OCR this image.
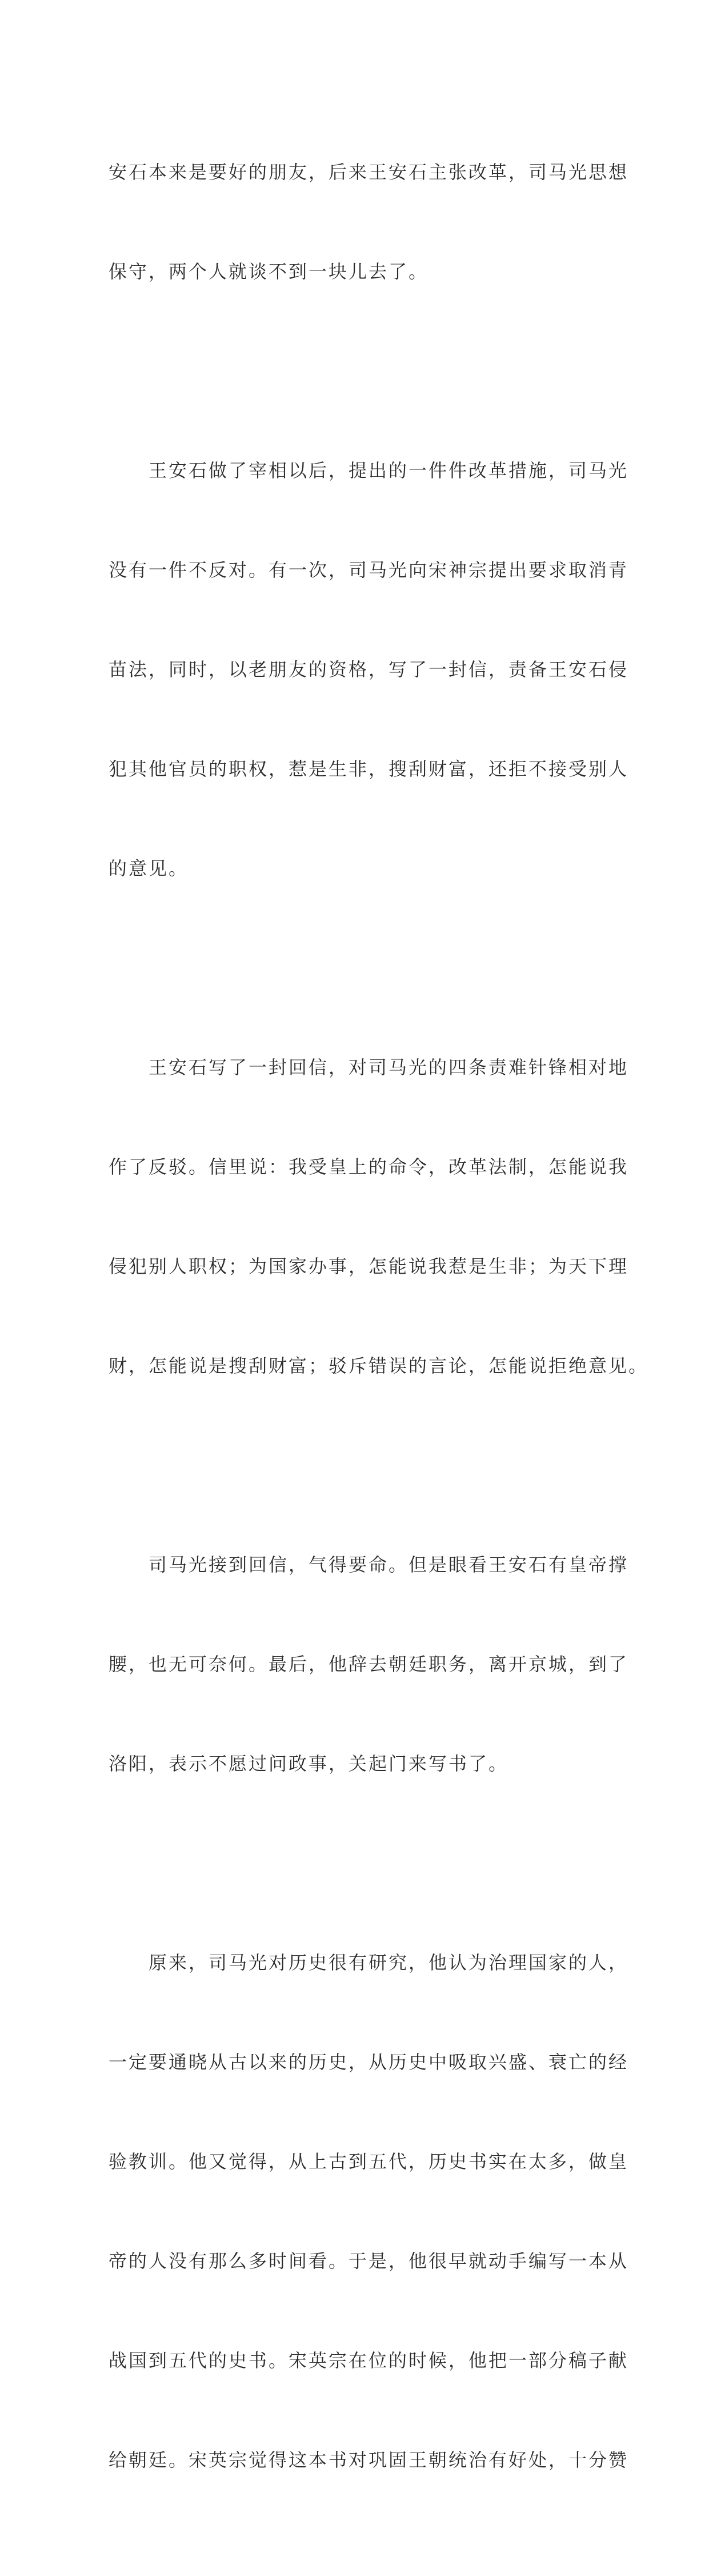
安石本来是要好的朋友，后来王安石主张改革，司马光思想

保守，两个人就谈不到一块儿去了。

王安石做了宰相以后，提出的一件件改革措施，司马光

没有一件不反对。有一次，司马光向宋神宗提出要求取消青

苗法，同时，以老朋友的资格，写了一封信，责备王安石侵

犯其他官员的职权，惹是生非，搜刮财富，还拒不接受别人

的意见。

王安石写了一封回信，对司马光的四条责难针锋相对地

作了反驳。信里说：我受皇上的命令，改革法制，怎能说我

侵犯别人职权；为国家办事，怎能说我惹是生非；为天下理

财，怎能说是搜刮财富；驳斥错误的言论，怎能说拒绝意见。

司马光接到回信，气得要命。但是眼看王安石有皇帝撑

腰，也无可奈何。最后，他辞去朝廷职务，离开京城，到了

洛阳，表示不愿过问政事，关起门来写书了。

原来，司马光对历史很有研究，他认为治理国家的人，

一定要通晓从古以来的历史，从历史中吸取兴盛、衰亡的经

验教训。他又觉得，从上古到五代，历史书实在太多，做皇

帝的人没有那么多时间看。于是，他很早就动手编写一本从

战国到五代的史书。宋英宗在位的时候，他把一部分稿子献

给朝廷。宋英宗觉得这本书对巩固王朝统治有好处，十分赞
